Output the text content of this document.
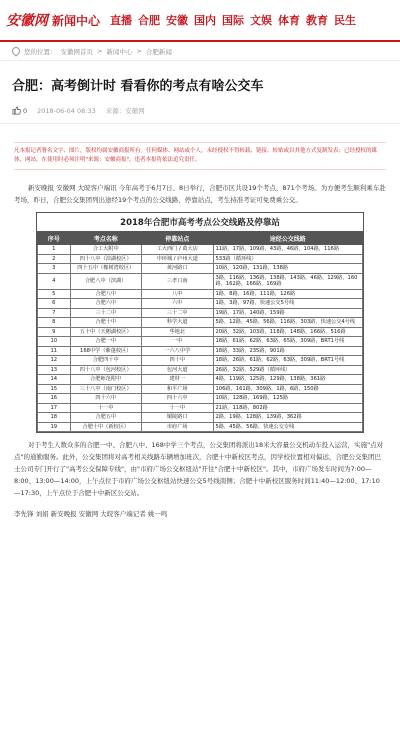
安徽网 新闻中心 直播 合肥 安徽 国内 国际 文娱 体育 教育 民生
您的位置： 安徽网首页 > 新闻中心 > 合肥新闻
合肥：高考倒计时 看看你的考点有啥公交车
0 2018-06-04 08:33 来源：安徽网
凡本报记者署名文字、图片，版权均属安徽商报所有。任何媒体、网站或个人，未经授权不得转载、链接、转贴或以其他方式复制发表；已经授权的媒体、网站，在使用时必须注明"来源：安徽商报"，违者本报将依法追究责任。

新安晚报 安徽网 大皖客户端讯 今年高考于6月7日、8日举行，合肥市区共设19个考点，871个考场。为方便考生顺利乘车赴考场，昨日，合肥公交集团列出途经19个考点的公交线路、停靠站点，考生持准考证可免费乘公交。

2018年合肥市高考考点公交线路及停靠站
序号	考点名称	停靠站点	途经公交线路
1	合工大附中	工大西门 / 葛大店	11路，17路，109路，43路，46路，104路，116路
2	四十八中（滨湖校区）	中环城 / 庐州大道	533路（循环线）
3	四十五中（橡树湾校区）	黄河路口	10路，120路，131路，138路
4	合肥八中（滨湖）	三孝口南	3路，116路，136路，138路，143路，46路，129路，160路，162路，166路，169路
5	合肥八中	八中	1路，8路，16路，111路，126路
6	合肥六中	六中	1路，3路，97路，快速公交5号线
7	三十二中	三十二中	19路，17路，140路，159路
8	合肥十中	科学大道	5路，12路，45路，56路，116路，303路，快速公交4号线
9	五十中（天鹅湖校区）	华地北	20路，32路，103路，118路，148路，166路，516路
10	合肥一中	一中	18路，61路，62路，63路，65路，309路，BRT1号线
11	168中学（紫蓬校区）	一六八中学	18路，33路，235路，901路
12	合肥四十中	四十中	18路，26路，61路，62路，63路，309路，BRT1号线
13	四十八中（包河校区）	包河大道	26路，32路，529路（循环线）
14	合肥师范附中	建材一	4路，119路，125路，129路，138路，361路
15	三十八中（南门校区）	和平广场	106路，161路，309路，1路，6路，150路
16	四十六中	四十六中	10路，128路，169路，125路
17	十一中	十一中	21路，118路，802路
18	合肥五中	铜陵路口	2路，19路，128路，139路，362路
19	合肥十中（新校区）	市府广场	5路，45路，56路，快速公交专线

对于考生人数众多的合肥一中、合肥八中、168中学三个考点，公交集团将派出18米大容量公交机动车投入运营，实施"点对点"的通勤服务。此外，公交集团将对高考相关线路车辆增加班次，合肥十中新校区考点，因学校位置相对偏远，合肥公交集团巴士公司专门开行了"高考公交保障专线"，由"市府广场公交枢纽站"开往"合肥十中新校区"。其中，市府广场发车时间为7:00—8:00、13:00—14:00，上午点位于市府广场公交枢纽站快速公交5号线南侧；合肥十中新校区服务时间11:40—12:00、17:10—17:30，上午点位于合肥十中新区公交站。

李先锋 刘娟 新安晚报 安徽网 大皖客户端记者 姚一鸣
